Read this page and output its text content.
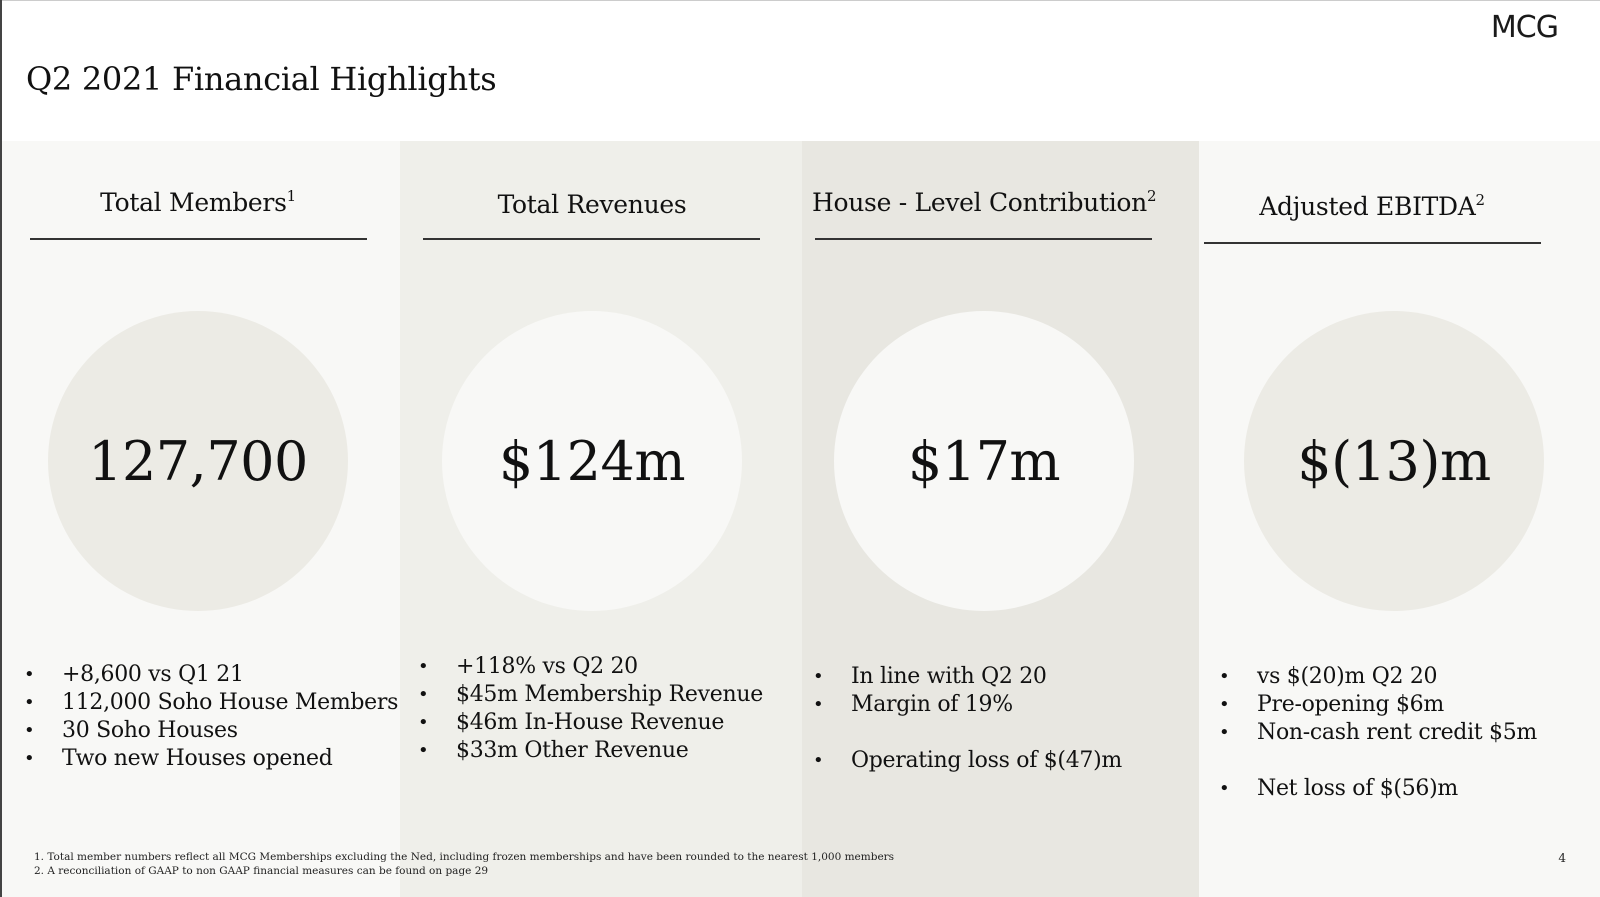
MCG
Q2 2021 Financial Highlights
Total Members$^1$
127,700
• +8,600 vs Q1 21
• 112,000 Soho House Members
• 30 Soho Houses
• Two new Houses opened
Total Revenues
$124m
• +118% vs Q2 20
• $45m Membership Revenue
• $46m In-House Revenue
• $33m Other Revenue
House - Level Contribution$^2$
$17m
• In line with Q2 20
• Margin of 19%
• Operating loss of $(47)m
Adjusted EBITDA$^2$
$(13)m
• vs $(20)m Q2 20
• Pre-opening $6m
• Non-cash rent credit $5m
• Net loss of $(56)m
1. Total member numbers reflect all MCG Memberships excluding the Ned, including frozen memberships and have been rounded to the nearest 1,000 members
2. A reconciliation of GAAP to non GAAP financial measures can be found on page 29
4
